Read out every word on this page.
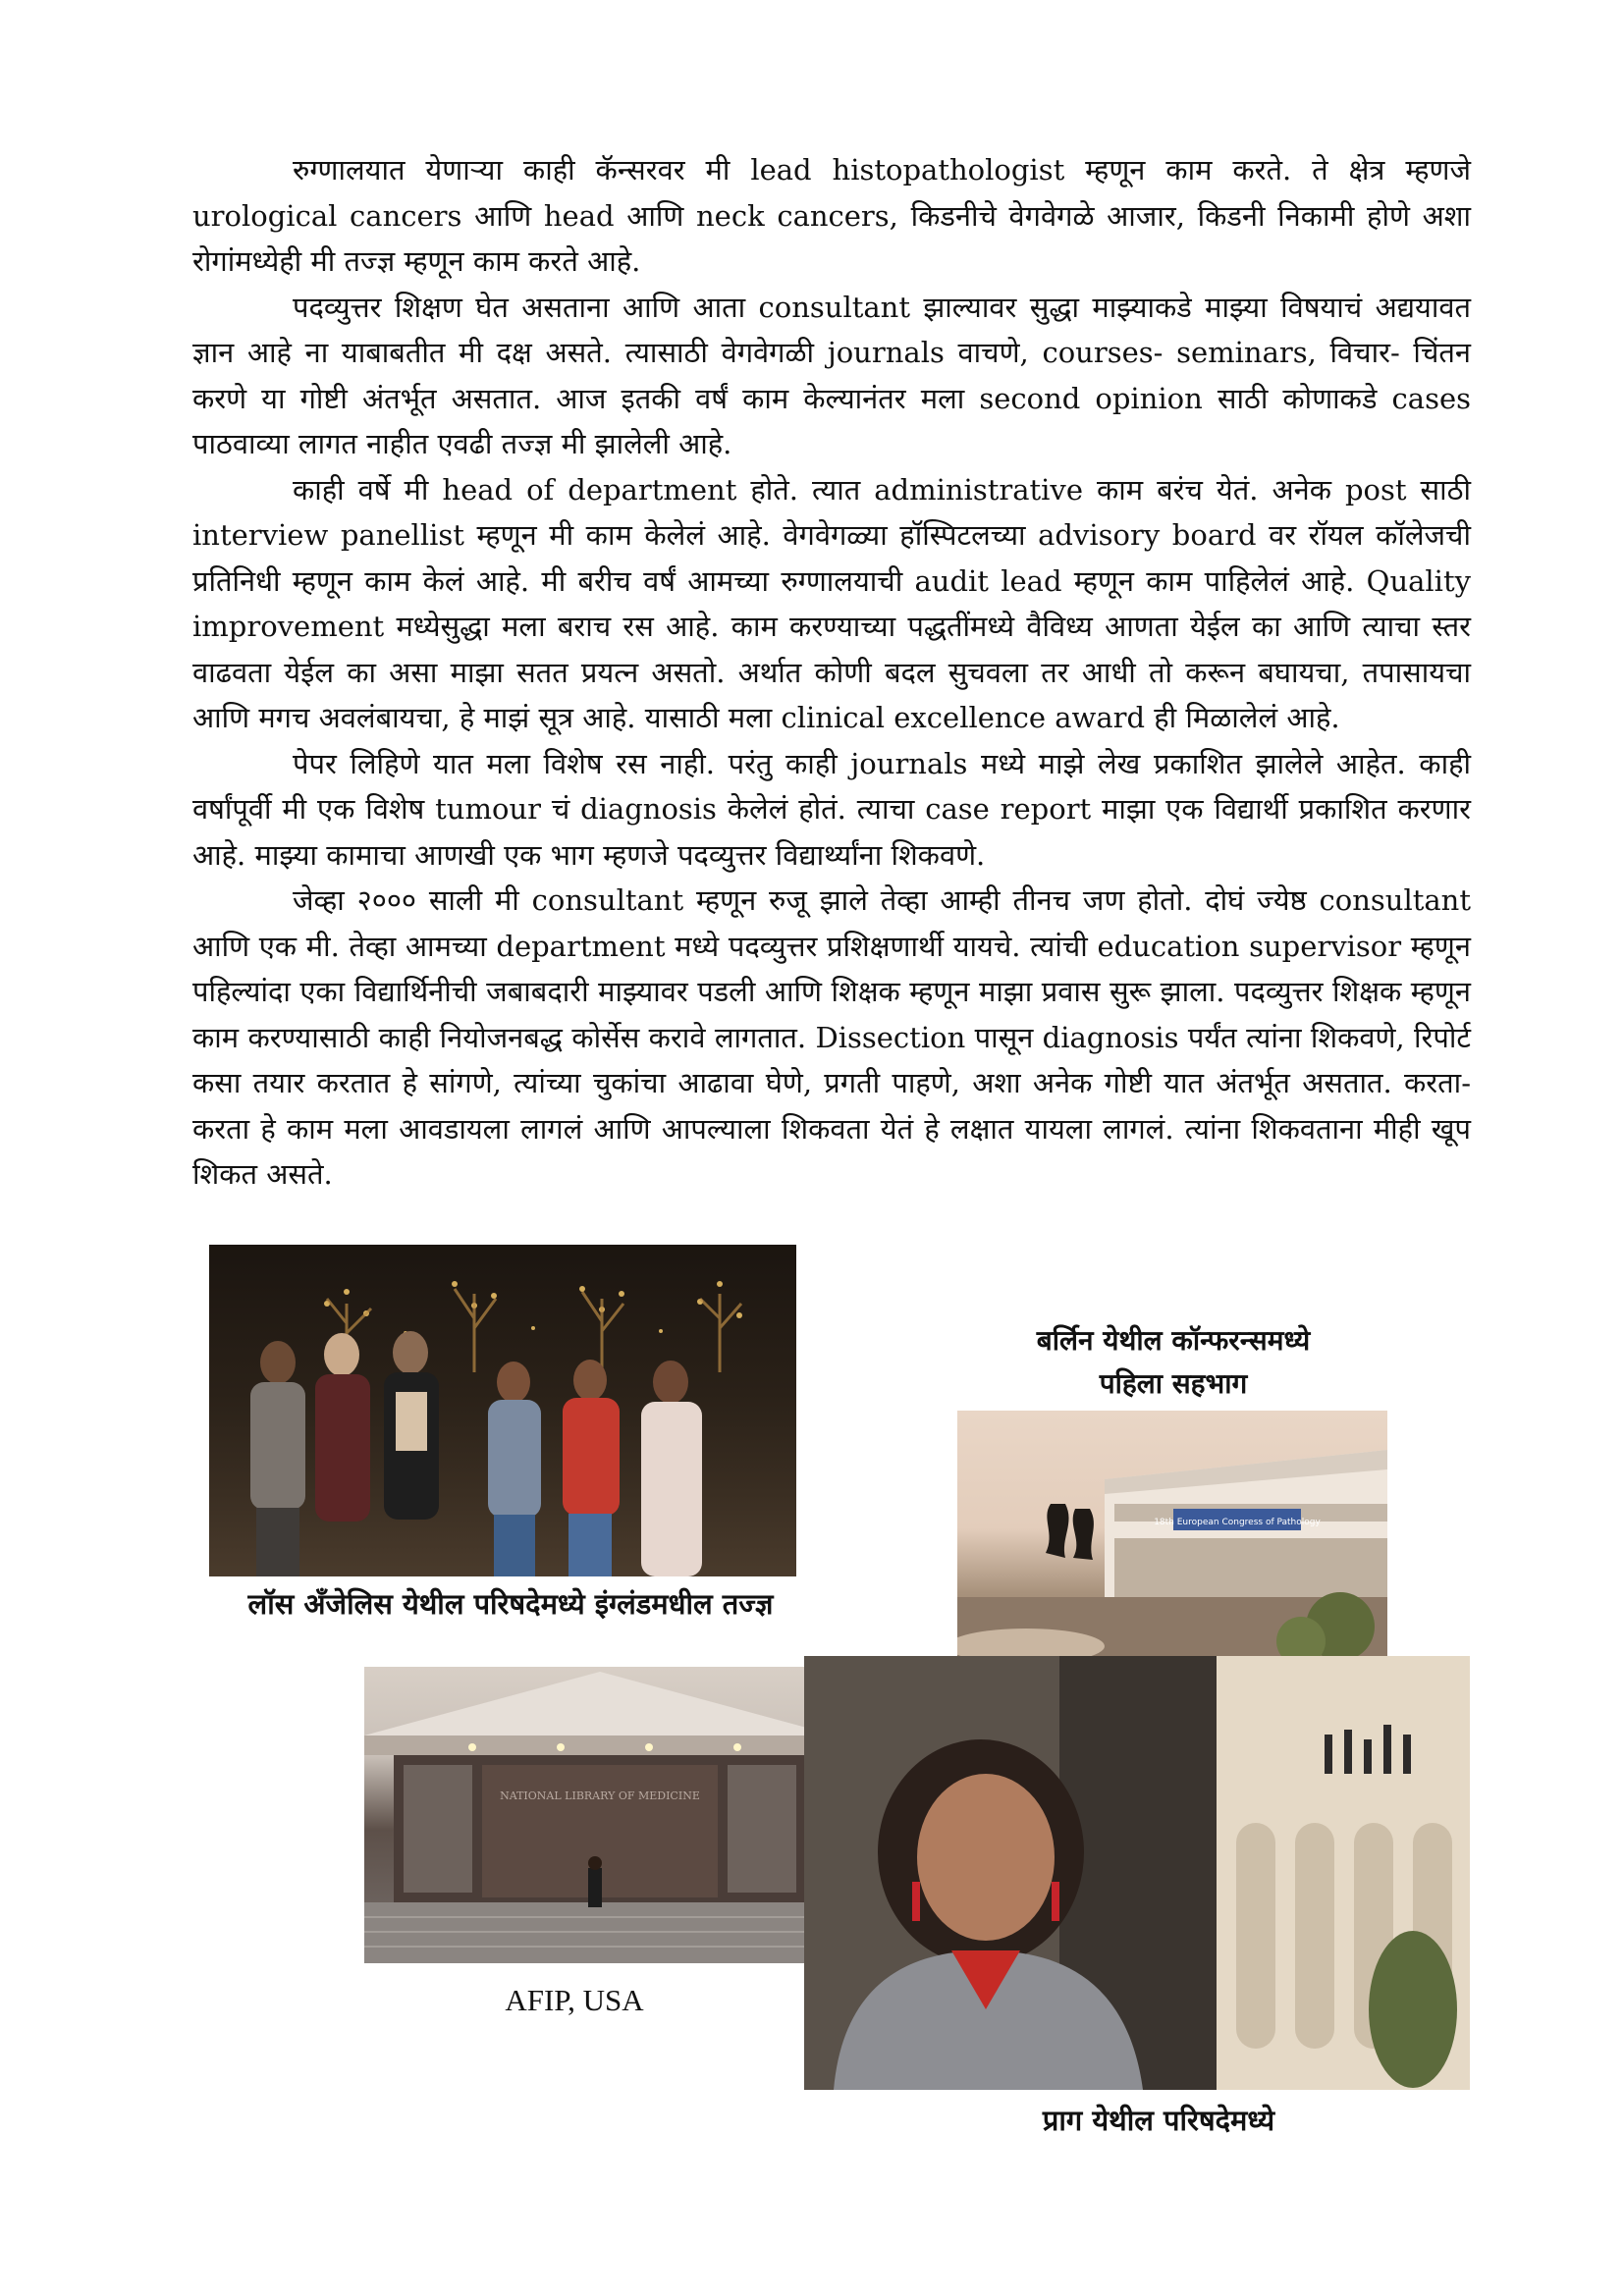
रुग्णालयात येणाऱ्या काही कॅन्सरवर मी lead histopathologist म्हणून काम करते. ते क्षेत्र म्हणजे urological cancers आणि head आणि neck cancers, किडनीचे वेगवेगळे आजार, किडनी निकामी होणे अशा रोगांमध्येही मी तज्ज्ञ म्हणून काम करते आहे.

पदव्युत्तर शिक्षण घेत असताना आणि आता consultant झाल्यावर सुद्धा माझ्याकडे माझ्या विषयाचं अद्ययावत ज्ञान आहे ना याबाबतीत मी दक्ष असते. त्यासाठी वेगवेगळी journals वाचणे, courses- seminars, विचार- चिंतन करणे या गोष्टी अंतर्भूत असतात. आज इतकी वर्षं काम केल्यानंतर मला second opinion साठी कोणाकडे cases पाठवाव्या लागत नाहीत एवढी तज्ज्ञ मी झालेली आहे.

काही वर्षे मी head of department होते. त्यात administrative काम बरंच येतं. अनेक post साठी interview panellist म्हणून मी काम केलेलं आहे. वेगवेगळ्या हॉस्पिटलच्या advisory board वर रॉयल कॉलेजची प्रतिनिधी म्हणून काम केलं आहे. मी बरीच वर्षं आमच्या रुग्णालयाची audit lead म्हणून काम पाहिलेलं आहे. Quality improvement मध्येसुद्धा मला बराच रस आहे. काम करण्याच्या पद्धतींमध्ये वैविध्य आणता येईल का आणि त्याचा स्तर वाढवता येईल का असा माझा सतत प्रयत्न असतो. अर्थात कोणी बदल सुचवला तर आधी तो करून बघायचा, तपासायचा आणि मगच अवलंबायचा, हे माझं सूत्र आहे. यासाठी मला clinical excellence award ही मिळालेलं आहे.

पेपर लिहिणे यात मला विशेष रस नाही. परंतु काही journals मध्ये माझे लेख प्रकाशित झालेले आहेत. काही वर्षांपूर्वी मी एक विशेष tumour चं diagnosis केलेलं होतं. त्याचा case report माझा एक विद्यार्थी प्रकाशित करणार आहे. माझ्या कामाचा आणखी एक भाग म्हणजे पदव्युत्तर विद्यार्थ्यांना शिकवणे.

जेव्हा २००० साली मी consultant म्हणून रुजू झाले तेव्हा आम्ही तीनच जण होतो. दोघं ज्येष्ठ consultant आणि एक मी. तेव्हा आमच्या department मध्ये पदव्युत्तर प्रशिक्षणार्थी यायचे. त्यांची education supervisor म्हणून पहिल्यांदा एका विद्यार्थिनीची जबाबदारी माझ्यावर पडली आणि शिक्षक म्हणून माझा प्रवास सुरू झाला. पदव्युत्तर शिक्षक म्हणून काम करण्यासाठी काही नियोजनबद्ध कोर्सेस करावे लागतात. Dissection पासून diagnosis पर्यंत त्यांना शिकवणे, रिपोर्ट कसा तयार करतात हे सांगणे, त्यांच्या चुकांचा आढावा घेणे, प्रगती पाहणे, अशा अनेक गोष्टी यात अंतर्भूत असतात. करता-करता हे काम मला आवडायला लागलं आणि आपल्याला शिकवता येतं हे लक्षात यायला लागलं. त्यांना शिकवताना मीही खूप शिकत असते.

लॉस अँजेलिस येथील परिषदेमध्ये इंग्लंडमधील तज्ज्ञ
बर्लिन येथील कॉन्फरन्समध्ये
पहिला सहभाग
18th European Congress of Pathology
NATIONAL LIBRARY OF MEDICINE
AFIP, USA
प्राग येथील परिषदेमध्ये
